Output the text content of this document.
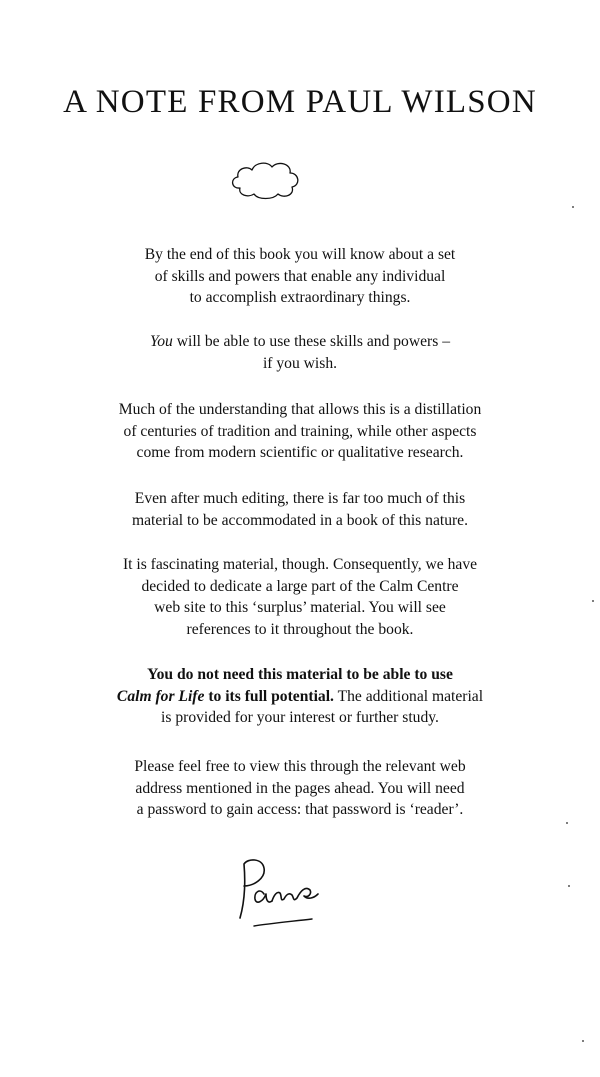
A NOTE FROM PAUL WILSON

By the end of this book you will know about a set
of skills and powers that enable any individual
to accomplish extraordinary things.

You will be able to use these skills and powers –
if you wish.

Much of the understanding that allows this is a distillation
of centuries of tradition and training, while other aspects
come from modern scientific or qualitative research.

Even after much editing, there is far too much of this
material to be accommodated in a book of this nature.

It is fascinating material, though. Consequently, we have
decided to dedicate a large part of the Calm Centre
web site to this ‘surplus’ material. You will see
references to it throughout the book.

You do not need this material to be able to use
Calm for Life to its full potential. The additional material
is provided for your interest or further study.

Please feel free to view this through the relevant web
address mentioned in the pages ahead. You will need
a password to gain access: that password is ‘reader’.
